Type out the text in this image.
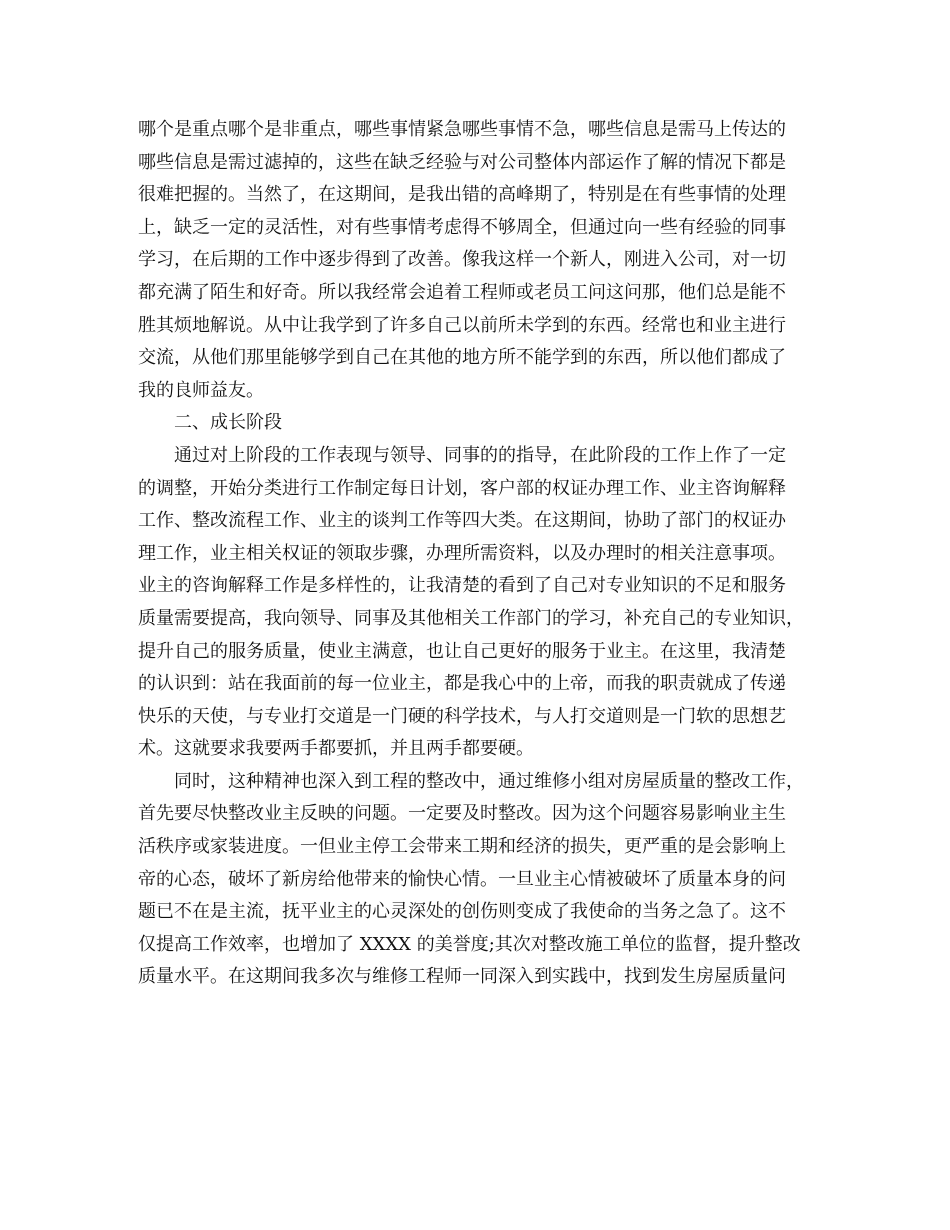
哪个是重点哪个是非重点，哪些事情紧急哪些事情不急，哪些信息是需马上传达的
哪些信息是需过滤掉的，这些在缺乏经验与对公司整体内部运作了解的情况下都是
很难把握的。当然了，在这期间，是我出错的高峰期了，特别是在有些事情的处理
上，缺乏一定的灵活性，对有些事情考虑得不够周全，但通过向一些有经验的同事
学习，在后期的工作中逐步得到了改善。像我这样一个新人，刚进入公司，对一切
都充满了陌生和好奇。所以我经常会追着工程师或老员工问这问那，他们总是能不
胜其烦地解说。从中让我学到了许多自己以前所未学到的东西。经常也和业主进行
交流，从他们那里能够学到自己在其他的地方所不能学到的东西，所以他们都成了
我的良师益友。
二、成长阶段
通过对上阶段的工作表现与领导、同事的的指导，在此阶段的工作上作了一定
的调整，开始分类进行工作制定每日计划，客户部的权证办理工作、业主咨询解释
工作、整改流程工作、业主的谈判工作等四大类。在这期间，协助了部门的权证办
理工作，业主相关权证的领取步骤，办理所需资料，以及办理时的相关注意事项。
业主的咨询解释工作是多样性的，让我清楚的看到了自己对专业知识的不足和服务
质量需要提高，我向领导、同事及其他相关工作部门的学习，补充自己的专业知识，
提升自己的服务质量，使业主满意，也让自己更好的服务于业主。在这里，我清楚
的认识到：站在我面前的每一位业主，都是我心中的上帝，而我的职责就成了传递
快乐的天使，与专业打交道是一门硬的科学技术，与人打交道则是一门软的思想艺
术。这就要求我要两手都要抓，并且两手都要硬。
同时，这种精神也深入到工程的整改中，通过维修小组对房屋质量的整改工作，
首先要尽快整改业主反映的问题。一定要及时整改。因为这个问题容易影响业主生
活秩序或家装进度。一但业主停工会带来工期和经济的损失，更严重的是会影响上
帝的心态，破坏了新房给他带来的愉快心情。一旦业主心情被破坏了质量本身的问
题已不在是主流，抚平业主的心灵深处的创伤则变成了我使命的当务之急了。这不
仅提高工作效率，也增加了 XXXX 的美誉度;其次对整改施工单位的监督，提升整改
质量水平。在这期间我多次与维修工程师一同深入到实践中，找到发生房屋质量问
